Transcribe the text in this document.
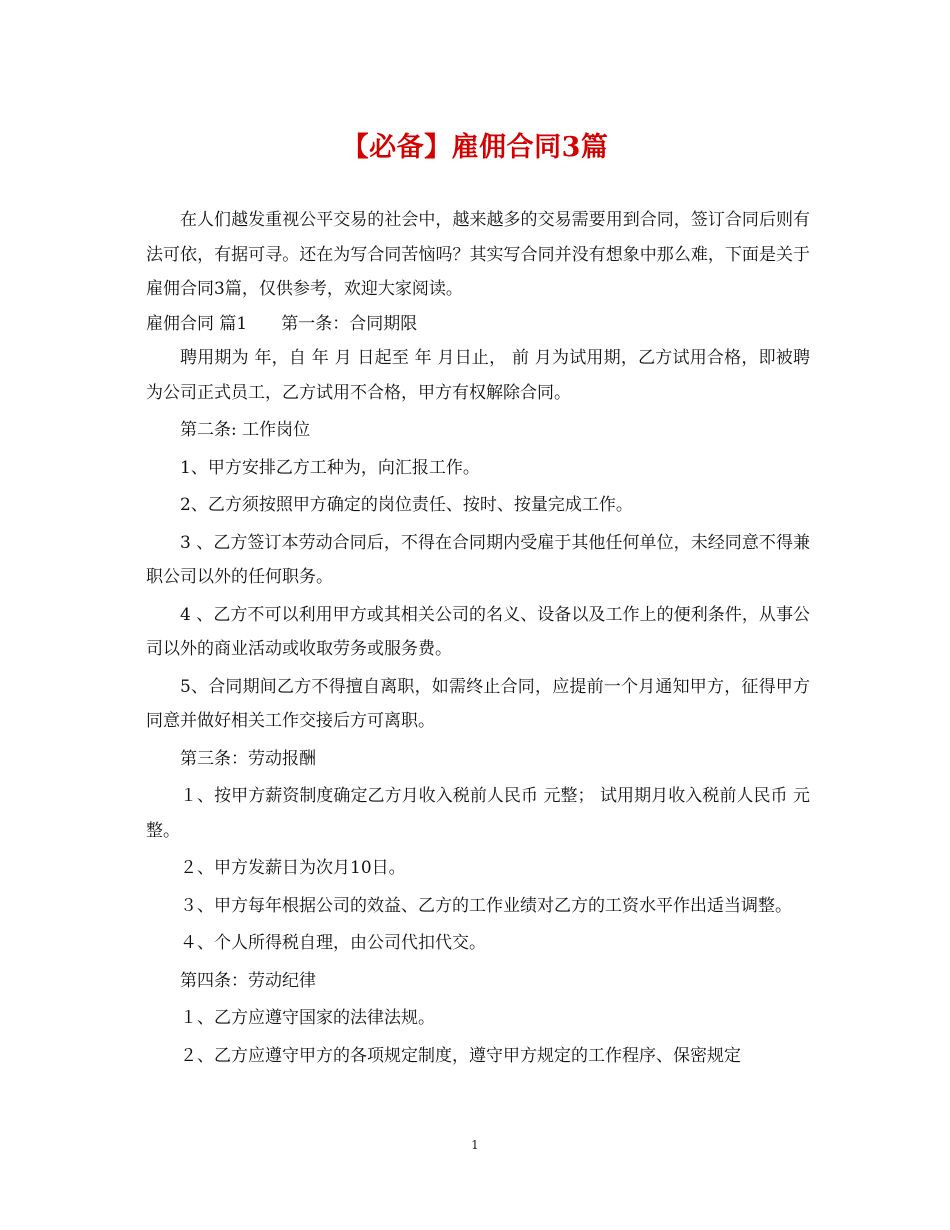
【必备】雇佣合同3篇

在人们越发重视公平交易的社会中，越来越多的交易需要用到合同，签订合同后则有法可依，有据可寻。还在为写合同苦恼吗？其实写合同并没有想象中那么难，下面是关于雇佣合同3篇，仅供参考，欢迎大家阅读。

雇佣合同 篇1　　第一条：合同期限

聘用期为 年，自 年 月 日起至 年 月日止， 前 月为试用期，乙方试用合格，即被聘为公司正式员工，乙方试用不合格，甲方有权解除合同。

第二条: 工作岗位

1、甲方安排乙方工种为，向汇报工作。

2、乙方须按照甲方确定的岗位责任、按时、按量完成工作。

3 、乙方签订本劳动合同后，不得在合同期内受雇于其他任何单位，未经同意不得兼职公司以外的任何职务。

4 、乙方不可以利用甲方或其相关公司的名义、设备以及工作上的便利条件，从事公司以外的商业活动或收取劳务或服务费。

5、合同期间乙方不得擅自离职，如需终止合同，应提前一个月通知甲方，征得甲方同意并做好相关工作交接后方可离职。

第三条：劳动报酬

１、按甲方薪资制度确定乙方月收入税前人民币 元整； 试用期月收入税前人民币 元整。

２、甲方发薪日为次月10日。

３、甲方每年根据公司的效益、乙方的工作业绩对乙方的工资水平作出适当调整。

４、个人所得税自理，由公司代扣代交。

第四条：劳动纪律

１、乙方应遵守国家的法律法规。

２、乙方应遵守甲方的各项规定制度，遵守甲方规定的工作程序、保密规定

1
